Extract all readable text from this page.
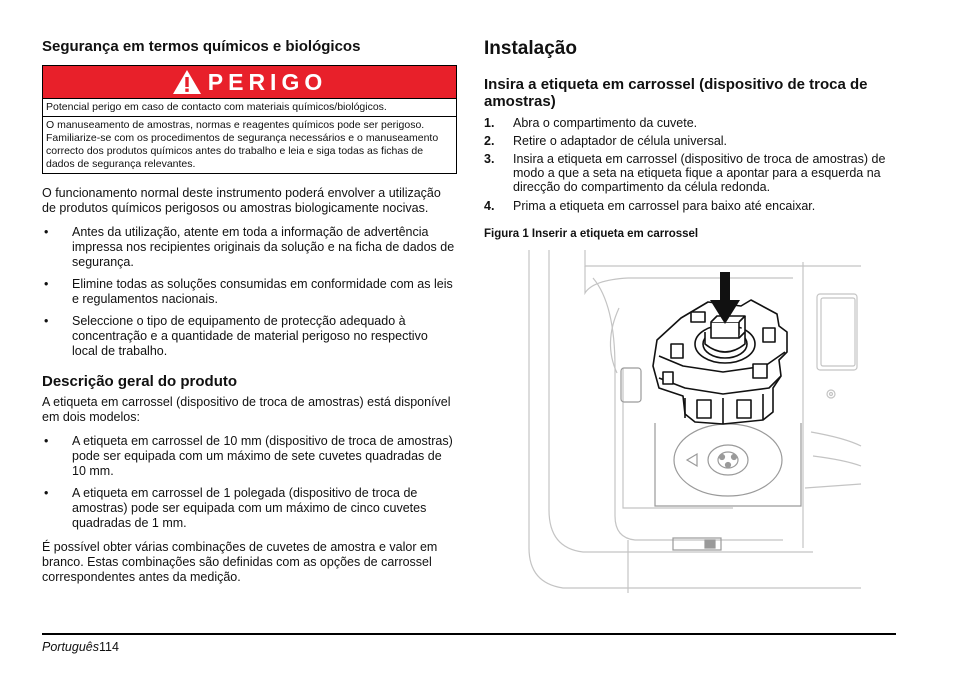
Segurança em termos químicos e biológicos
PERIGO
Potencial perigo em caso de contacto com materiais químicos/biológicos.
O manuseamento de amostras, normas e reagentes químicos pode ser perigoso. Familiarize-se com os procedimentos de segurança necessários e o manuseamento correcto dos produtos químicos antes do trabalho e leia e siga todas as fichas de dados de segurança relevantes.

O funcionamento normal deste instrumento poderá envolver a utilização de produtos químicos perigosos ou amostras biologicamente nocivas.

• Antes da utilização, atente em toda a informação de advertência impressa nos recipientes originais da solução e na ficha de dados de segurança.
• Elimine todas as soluções consumidas em conformidade com as leis e regulamentos nacionais.
• Seleccione o tipo de equipamento de protecção adequado à concentração e a quantidade de material perigoso no respectivo local de trabalho.
Descrição geral do produto

A etiqueta em carrossel (dispositivo de troca de amostras) está disponível em dois modelos:

• A etiqueta em carrossel de 10 mm (dispositivo de troca de amostras) pode ser equipada com um máximo de sete cuvetes quadradas de 10 mm.
• A etiqueta em carrossel de 1 polegada (dispositivo de troca de amostras) pode ser equipada com um máximo de cinco cuvetes quadradas de 1 mm.

É possível obter várias combinações de cuvetes de amostra e valor em branco. Estas combinações são definidas com as opções de carrossel correspondentes antes da medição.

Instalação
Insira a etiqueta em carrossel (dispositivo de troca de amostras)
1. Abra o compartimento da cuvete.
2. Retire o adaptador de célula universal.
3. Insira a etiqueta em carrossel (dispositivo de troca de amostras) de modo a que a seta na etiqueta fique a apontar para a esquerda na direcção do compartimento da célula redonda.
4. Prima a etiqueta em carrossel para baixo até encaixar.
Figura 1 Inserir a etiqueta em carrossel
Português114
